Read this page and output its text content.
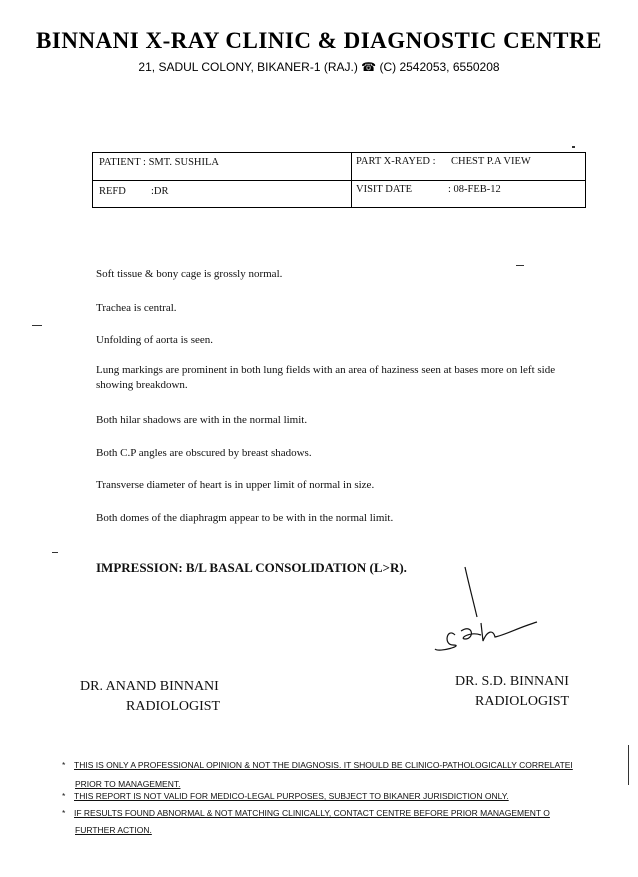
BINNANI X-RAY CLINIC & DIAGNOSTIC CENTRE
21, SADUL COLONY, BIKANER-1 (RAJ.) ☎ (C) 2542053, 6550208
PATIENT : SMT. SUSHILA	PART X-RAYED : CHEST P.A VIEW
REFD :DR	VISIT DATE	: 08-FEB-12
Soft tissue & bony cage is grossly normal.
Trachea is central.
Unfolding of aorta is seen.
Lung markings are prominent in both lung fields with an area of haziness seen at bases more on left side showing breakdown.
Both hilar shadows are with in the normal limit.
Both C.P angles are obscured by breast shadows.
Transverse diameter of heart is in upper limit of normal in size.
Both domes of the diaphragm appear to be with in the normal limit.
IMPRESSION: B/L BASAL CONSOLIDATION (L>R).
DR. ANAND BINNANI
RADIOLOGIST
DR. S.D. BINNANI
RADIOLOGIST
* THIS IS ONLY A PROFESSIONAL OPINION & NOT THE DIAGNOSIS. IT SHOULD BE CLINICO-PATHOLOGICALLY CORRELATEI
PRIOR TO MANAGEMENT.
* THIS REPORT IS NOT VALID FOR MEDICO-LEGAL PURPOSES, SUBJECT TO BIKANER JURISDICTION ONLY.
* IF RESULTS FOUND ABNORMAL & NOT MATCHING CLINICALLY, CONTACT CENTRE BEFORE PRIOR MANAGEMENT O
FURTHER ACTION.
